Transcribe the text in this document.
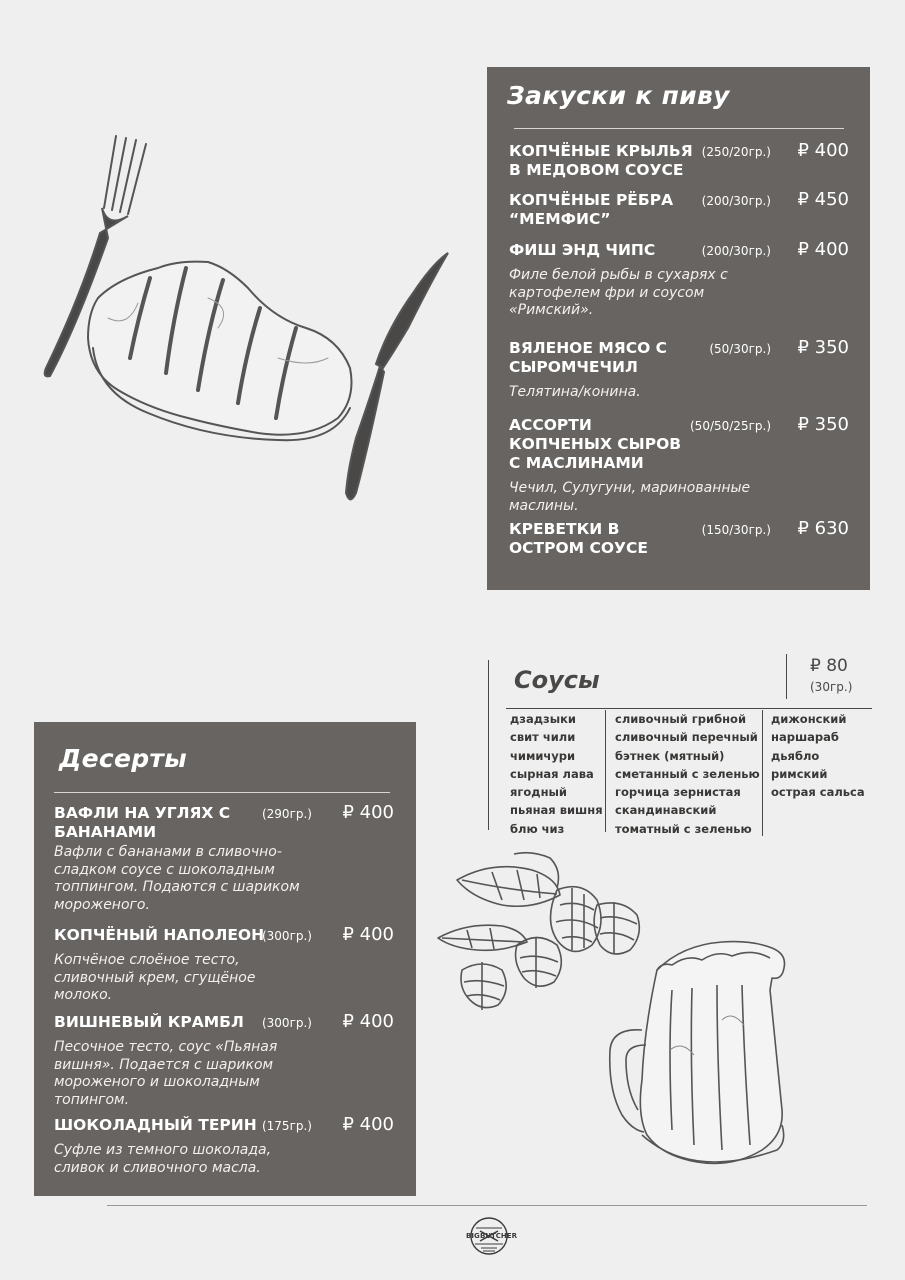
Закуски к пиву
КОПЧЁНЫЕ КРЫЛЬЯ В МЕДОВОМ СОУСЕ
(250/20гр.) ₽ 400
КОПЧЁНЫЕ РЁБРА “МЕМФИС”
(200/30гр.) ₽ 450
ФИШ ЭНД ЧИПС	(200/30гр.) ₽ 400
Филе белой рыбы в сухарях с картофелем фри и соусом «Римский».
ВЯЛЕНОЕ МЯСО С СЫРОМЧЕЧИЛ
(50/30гр.) ₽ 350
Телятина/конина.
АССОРТИ КОПЧЕНЫХ СЫРОВ С МАСЛИНАМИ
(50/50/25гр.) ₽ 350
Чечил, Сулугуни, маринованные маслины.
КРЕВЕТКИ В ОСТРОМ СОУСЕ
(150/30гр.) ₽ 630
Соусы	₽ 80
(30гр.)
дзадзыки
свит чили
чимичури
сырная лава
ягодный
пьяная вишня
блю чиз
сливочный грибной
сливочный перечный
бэтнек (мятный)
сметанный с зеленью
горчица зернистая
скандинавский
томатный с зеленью
дижонский
наршараб
дьябло
римский
острая сальса
Десерты
ВАФЛИ НА УГЛЯХ С БАНАНАМИ
(290гр.) ₽ 400
Вафли с бананами в сливочно-сладком соусе с шоколадным топпингом. Подаются с шариком мороженого.
КОПЧЁНЫЙ НАПОЛЕОН
(300гр.) ₽ 400
Копчёное слоёное тесто, сливочный крем, сгущёное молоко.
ВИШНЕВЫЙ КРАМБЛ	(300гр.) ₽ 400
Песочное тесто, соус «Пьяная вишня». Подается с шариком мороженого и шоколадным топингом.
ШОКОЛАДНЫЙ ТЕРИН (175гр.) ₽ 400
Суфле из темного шоколада, сливок и сливочного масла.
BIG BUTCHER
